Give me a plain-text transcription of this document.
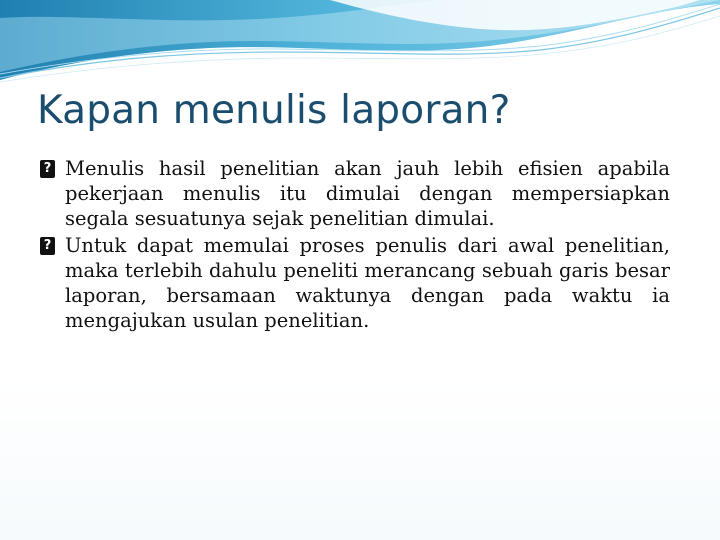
Kapan menulis laporan?

?
Menulis hasil penelitian akan jauh lebih efisien apabila pekerjaan menulis itu dimulai dengan mempersiapkan segala sesuatunya sejak penelitian dimulai.

?
Untuk dapat memulai proses penulis dari awal penelitian, maka terlebih dahulu peneliti merancang sebuah garis besar laporan, bersamaan waktunya dengan pada waktu ia mengajukan usulan penelitian.
